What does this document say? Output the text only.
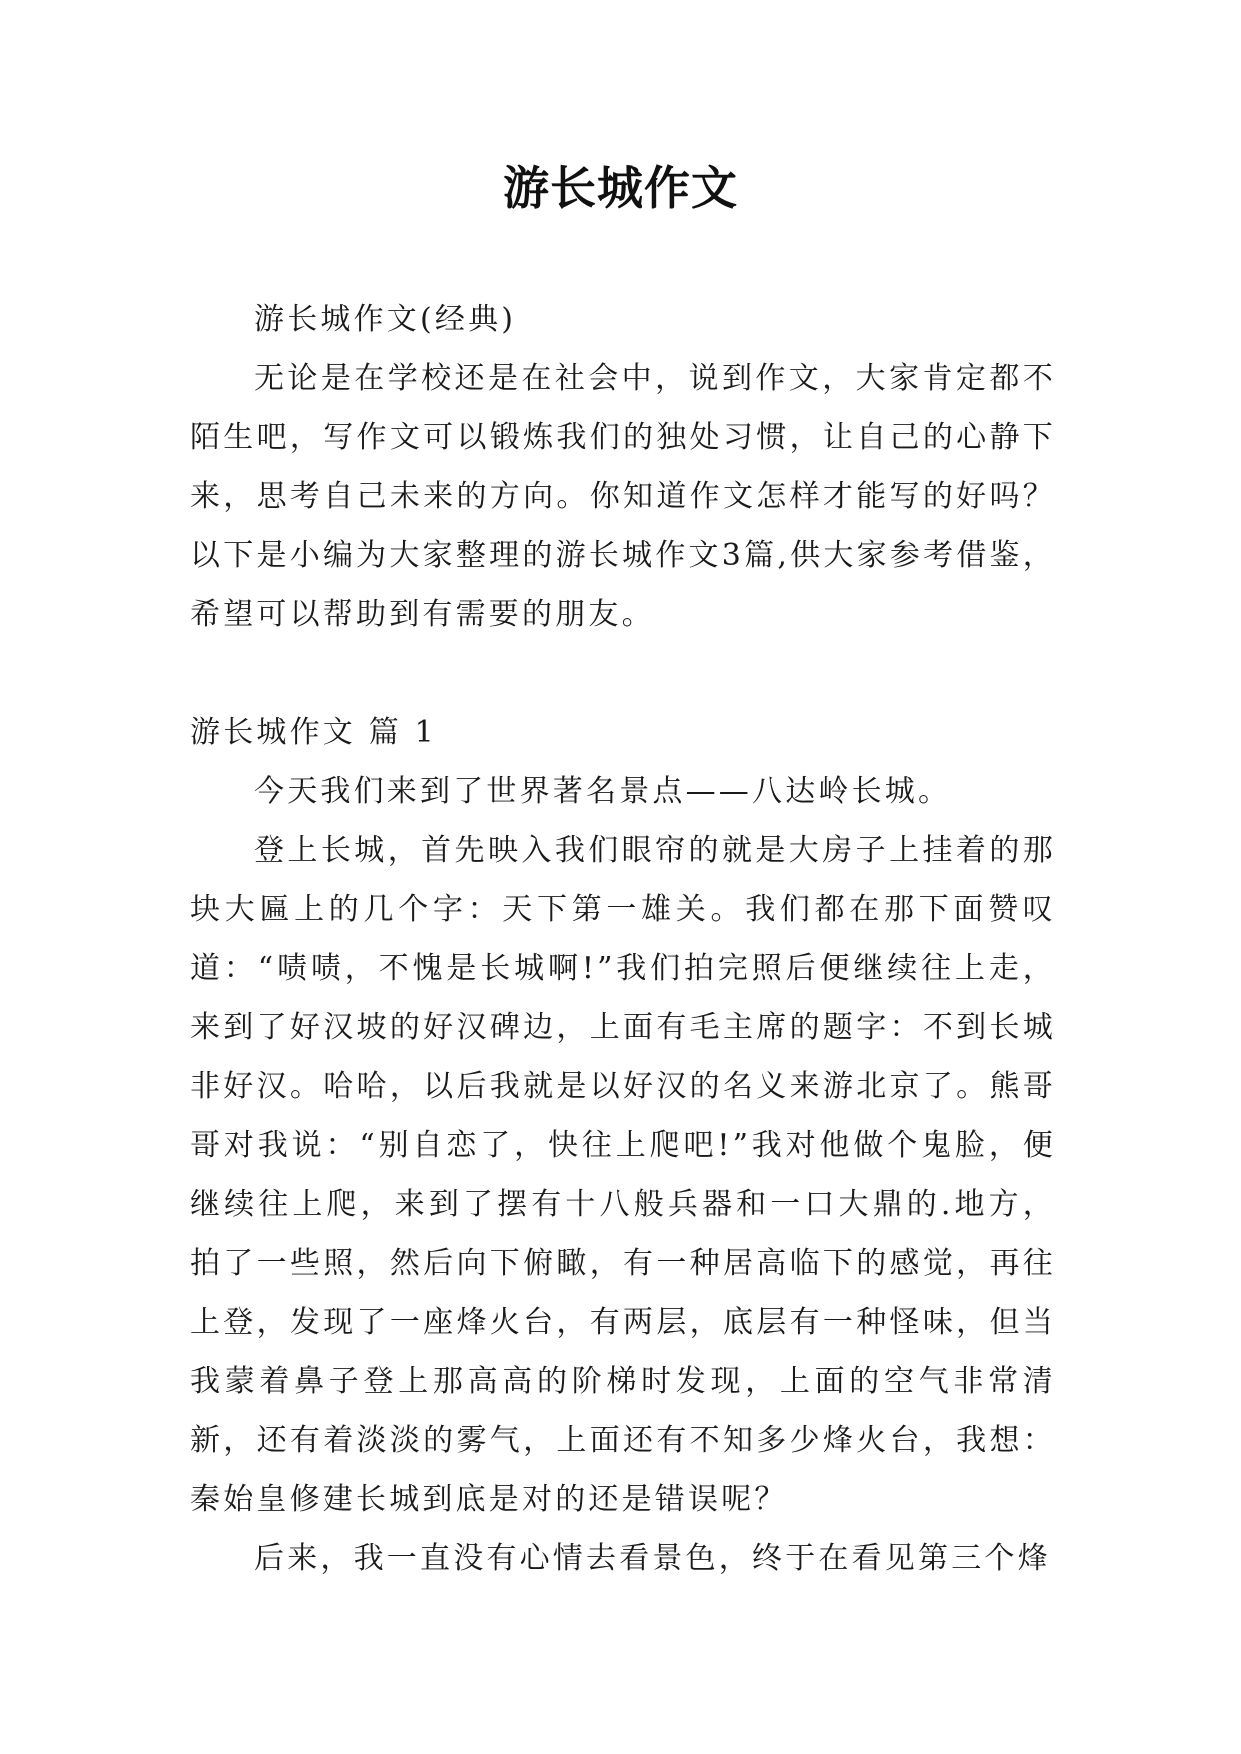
游长城作文

游长城作文(经典)

无论是在学校还是在社会中，说到作文，大家肯定都不陌生吧，写作文可以锻炼我们的独处习惯，让自己的心静下来，思考自己未来的方向。你知道作文怎样才能写的好吗？以下是小编为大家整理的游长城作文3篇,供大家参考借鉴，希望可以帮助到有需要的朋友。

游长城作文 篇 1

今天我们来到了世界著名景点——八达岭长城。

登上长城，首先映入我们眼帘的就是大房子上挂着的那块大匾上的几个字：天下第一雄关。我们都在那下面赞叹道：“啧啧，不愧是长城啊!”我们拍完照后便继续往上走，来到了好汉坡的好汉碑边，上面有毛主席的题字：不到长城非好汉。哈哈，以后我就是以好汉的名义来游北京了。熊哥哥对我说：“别自恋了，快往上爬吧!”我对他做个鬼脸，便继续往上爬，来到了摆有十八般兵器和一口大鼎的.地方，拍了一些照，然后向下俯瞰，有一种居高临下的感觉，再往上登，发现了一座烽火台，有两层，底层有一种怪味，但当我蒙着鼻子登上那高高的阶梯时发现，上面的空气非常清新，还有着淡淡的雾气，上面还有不知多少烽火台，我想：秦始皇修建长城到底是对的还是错误呢？

后来，我一直没有心情去看景色，终于在看见第三个烽
